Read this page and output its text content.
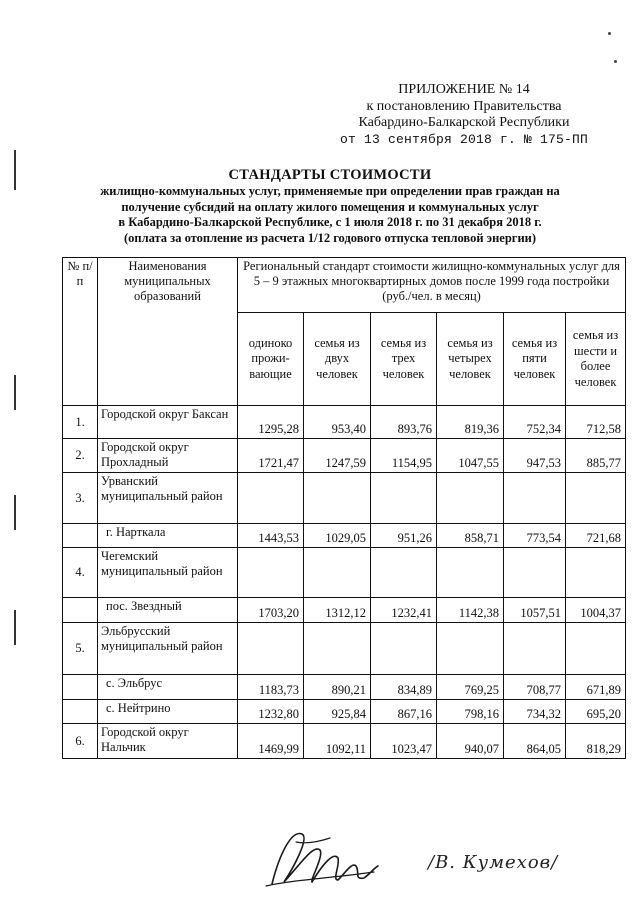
ПРИЛОЖЕНИЕ № 14
к постановлению Правительства
Кабардино-Балкарской Республики
от 13 сентября 2018 г. № 175-ПП
СТАНДАРТЫ СТОИМОСТИ
жилищно-коммунальных услуг, применяемые при определении прав граждан на
получение субсидий на оплату жилого помещения и коммунальных услуг
в Кабардино-Балкарской Республике, с 1 июля 2018 г. по 31 декабря 2018 г.
(оплата за отопление из расчета 1/12 годового отпуска тепловой энергии)
№ п/п	Наименования муниципальных образований	Региональный стандарт стоимости жилищно-коммунальных услуг для 5 – 9 этажных многоквартирных домов после 1999 года постройки (руб./чел. в месяц)					
		одиноко прожи-вающие	семья из двух человек	семья из трех человек	семья из четырех человек	семья из пяти человек	семья из шести и более человек
1.	Городской округ Баксан	1295,28	953,40	893,76	819,36	752,34	712,58
2.	Городской округ Прохладный	1721,47	1247,59	1154,95	1047,55	947,53	885,77
3.	Урванский муниципальный район						
	г. Нарткала	1443,53	1029,05	951,26	858,71	773,54	721,68
4.	Чегемский муниципальный район						
	пос. Звездный	1703,20	1312,12	1232,41	1142,38	1057,51	1004,37
5.	Эльбрусский муниципальный район						
	с. Эльбрус	1183,73	890,21	834,89	769,25	708,77	671,89
	с. Нейтрино	1232,80	925,84	867,16	798,16	734,32	695,20
6.	Городской округ Нальчик	1469,99	1092,11	1023,47	940,07	864,05	818,29
/В. Кумехов/
